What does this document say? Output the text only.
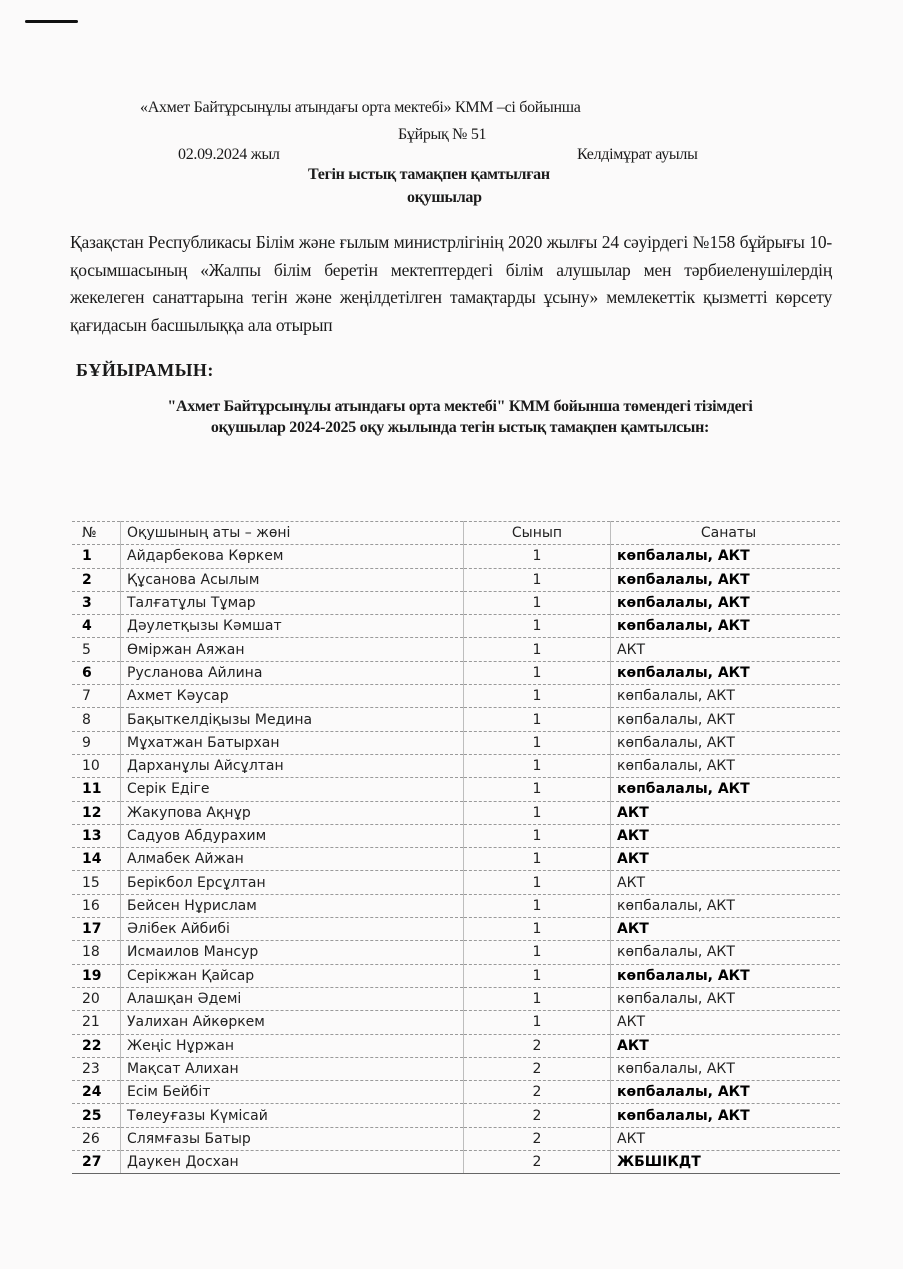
«Ахмет Байтұрсынұлы атындағы орта мектебі» КММ –сі бойынша
Бұйрық № 51
02.09.2024 жыл	Келдімұрат ауылы
Тегін ыстық тамақпен қамтылған
оқушылар
Қазақстан Республикасы Білім және ғылым министрлігінің 2020 жылғы 24 сәуірдегі №158 бұйрығы 10-қосымшасының «Жалпы білім беретін мектептердегі білім алушылар мен тәрбиеленушілердің жекелеген санаттарына тегін және жеңілдетілген тамақтарды ұсыну» мемлекеттік қызметті көрсету қағидасын басшылыққа ала отырып
БҰЙЫРАМЫН:
"Ахмет Байтұрсынұлы атындағы орта мектебі" КММ бойынша төмендегі тізімдегі
оқушылар 2024-2025 оқу жылында тегін ыстық тамақпен қамтылсын:
№	Оқушының аты – жөні	Сынып	Санаты
1	Айдарбекова Көркем	1	көпбалалы, АКТ
2	Құсанова Асылым	1	көпбалалы, АКТ
3	Талғатұлы Тұмар	1	көпбалалы, АКТ
4	Дәулетқызы Кәмшат	1	көпбалалы, АКТ
5	Өміржан Аяжан	1	АКТ
6	Русланова Айлина	1	көпбалалы, АКТ
7	Ахмет Кәусар	1	көпбалалы, АКТ
8	Бақыткелдіқызы Медина	1	көпбалалы, АКТ
9	Мұхатжан Батырхан	1	көпбалалы, АКТ
10	Дарханұлы Айсұлтан	1	көпбалалы, АКТ
11	Серік Едіге	1	көпбалалы, АКТ
12	Жакупова Ақнұр	1	АКТ
13	Садуов Абдурахим	1	АКТ
14	Алмабек Айжан	1	АКТ
15	Берікбол Ерсұлтан	1	АКТ
16	Бейсен Нұрислам	1	көпбалалы, АКТ
17	Әлібек Айбибі	1	АКТ
18	Исмаилов Мансур	1	көпбалалы, АКТ
19	Серікжан Қайсар	1	көпбалалы, АКТ
20	Алашқан Әдемі	1	көпбалалы, АКТ
21	Уалихан Айкөркем	1	АКТ
22	Жеңіс Нұржан	2	АКТ
23	Мақсат Алихан	2	көпбалалы, АКТ
24	Есім Бейбіт	2	көпбалалы, АКТ
25	Төлеуғазы Күмісай	2	көпбалалы, АКТ
26	Слямғазы Батыр	2	АКТ
27	Даукен Досхан	2	ЖБШІКДТ
